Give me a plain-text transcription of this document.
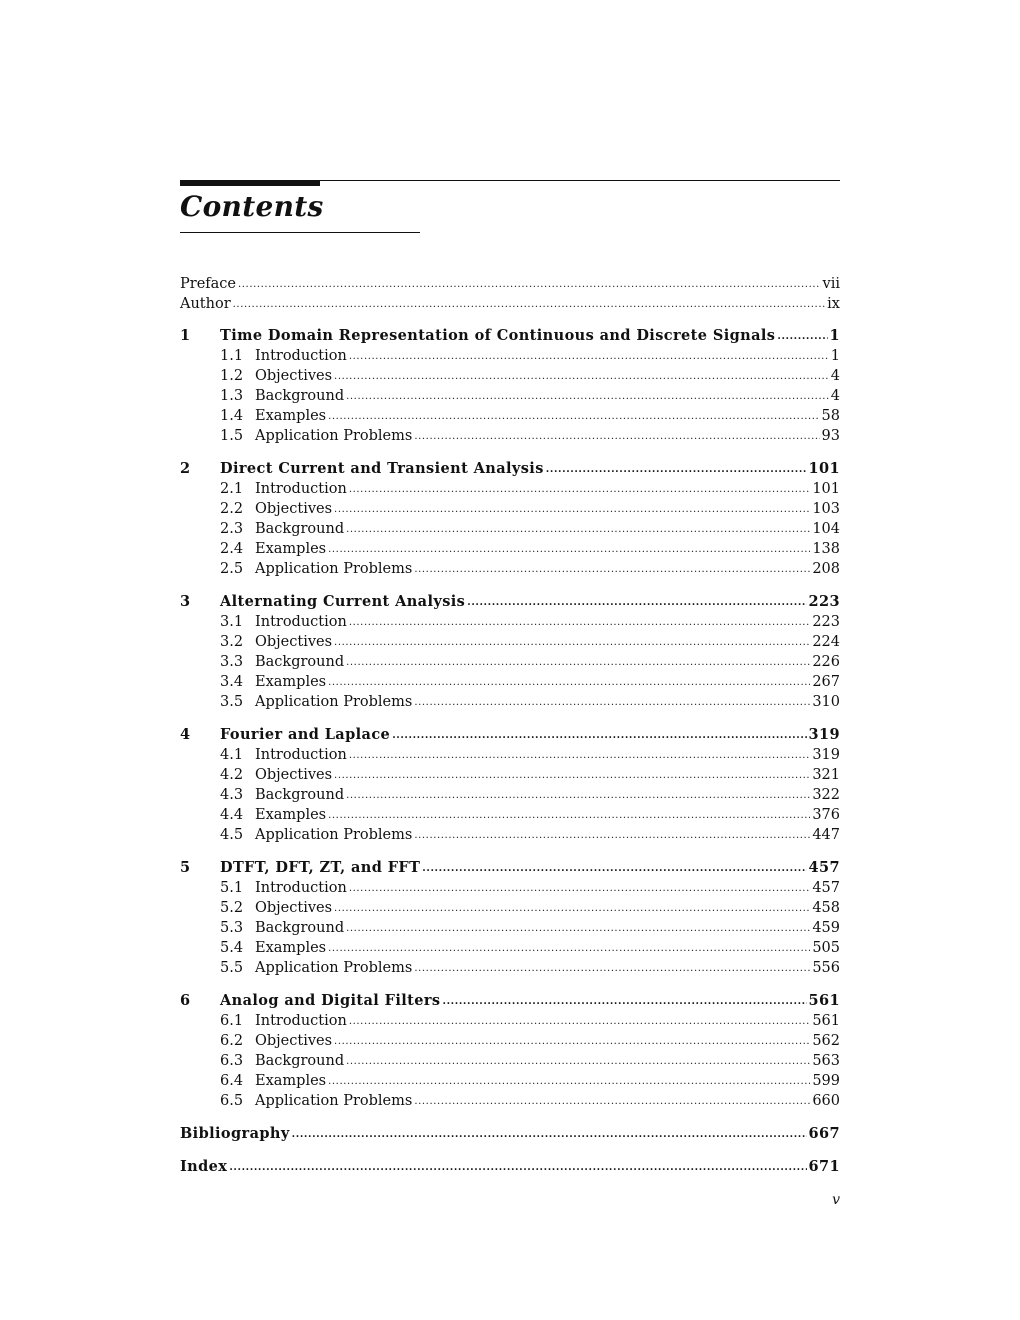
Contents
Preface .....	vii
Author .....	ix
1	Time Domain Representation of Continuous and Discrete Signals .....	1
1.1 Introduction .....	1
1.2 Objectives .....	4
1.3 Background .....	4
1.4 Examples .....	58
1.5 Application Problems .....	93
2	Direct Current and Transient Analysis .....	101
2.1 Introduction .....	101
2.2 Objectives .....	103
2.3 Background .....	104
2.4 Examples .....	138
2.5 Application Problems .....	208
3	Alternating Current Analysis .....	223
3.1 Introduction .....	223
3.2 Objectives .....	224
3.3 Background .....	226
3.4 Examples .....	267
3.5 Application Problems .....	310
4	Fourier and Laplace .....	319
4.1 Introduction .....	319
4.2 Objectives .....	321
4.3 Background .....	322
4.4 Examples .....	376
4.5 Application Problems .....	447
5	DTFT, DFT, ZT, and FFT .....	457
5.1 Introduction .....	457
5.2 Objectives .....	458
5.3 Background .....	459
5.4 Examples .....	505
5.5 Application Problems .....	556
6	Analog and Digital Filters .....	561
6.1 Introduction .....	561
6.2 Objectives .....	562
6.3 Background .....	563
6.4 Examples .....	599
6.5 Application Problems .....	660
Bibliography .....	667
Index .....	671
v
